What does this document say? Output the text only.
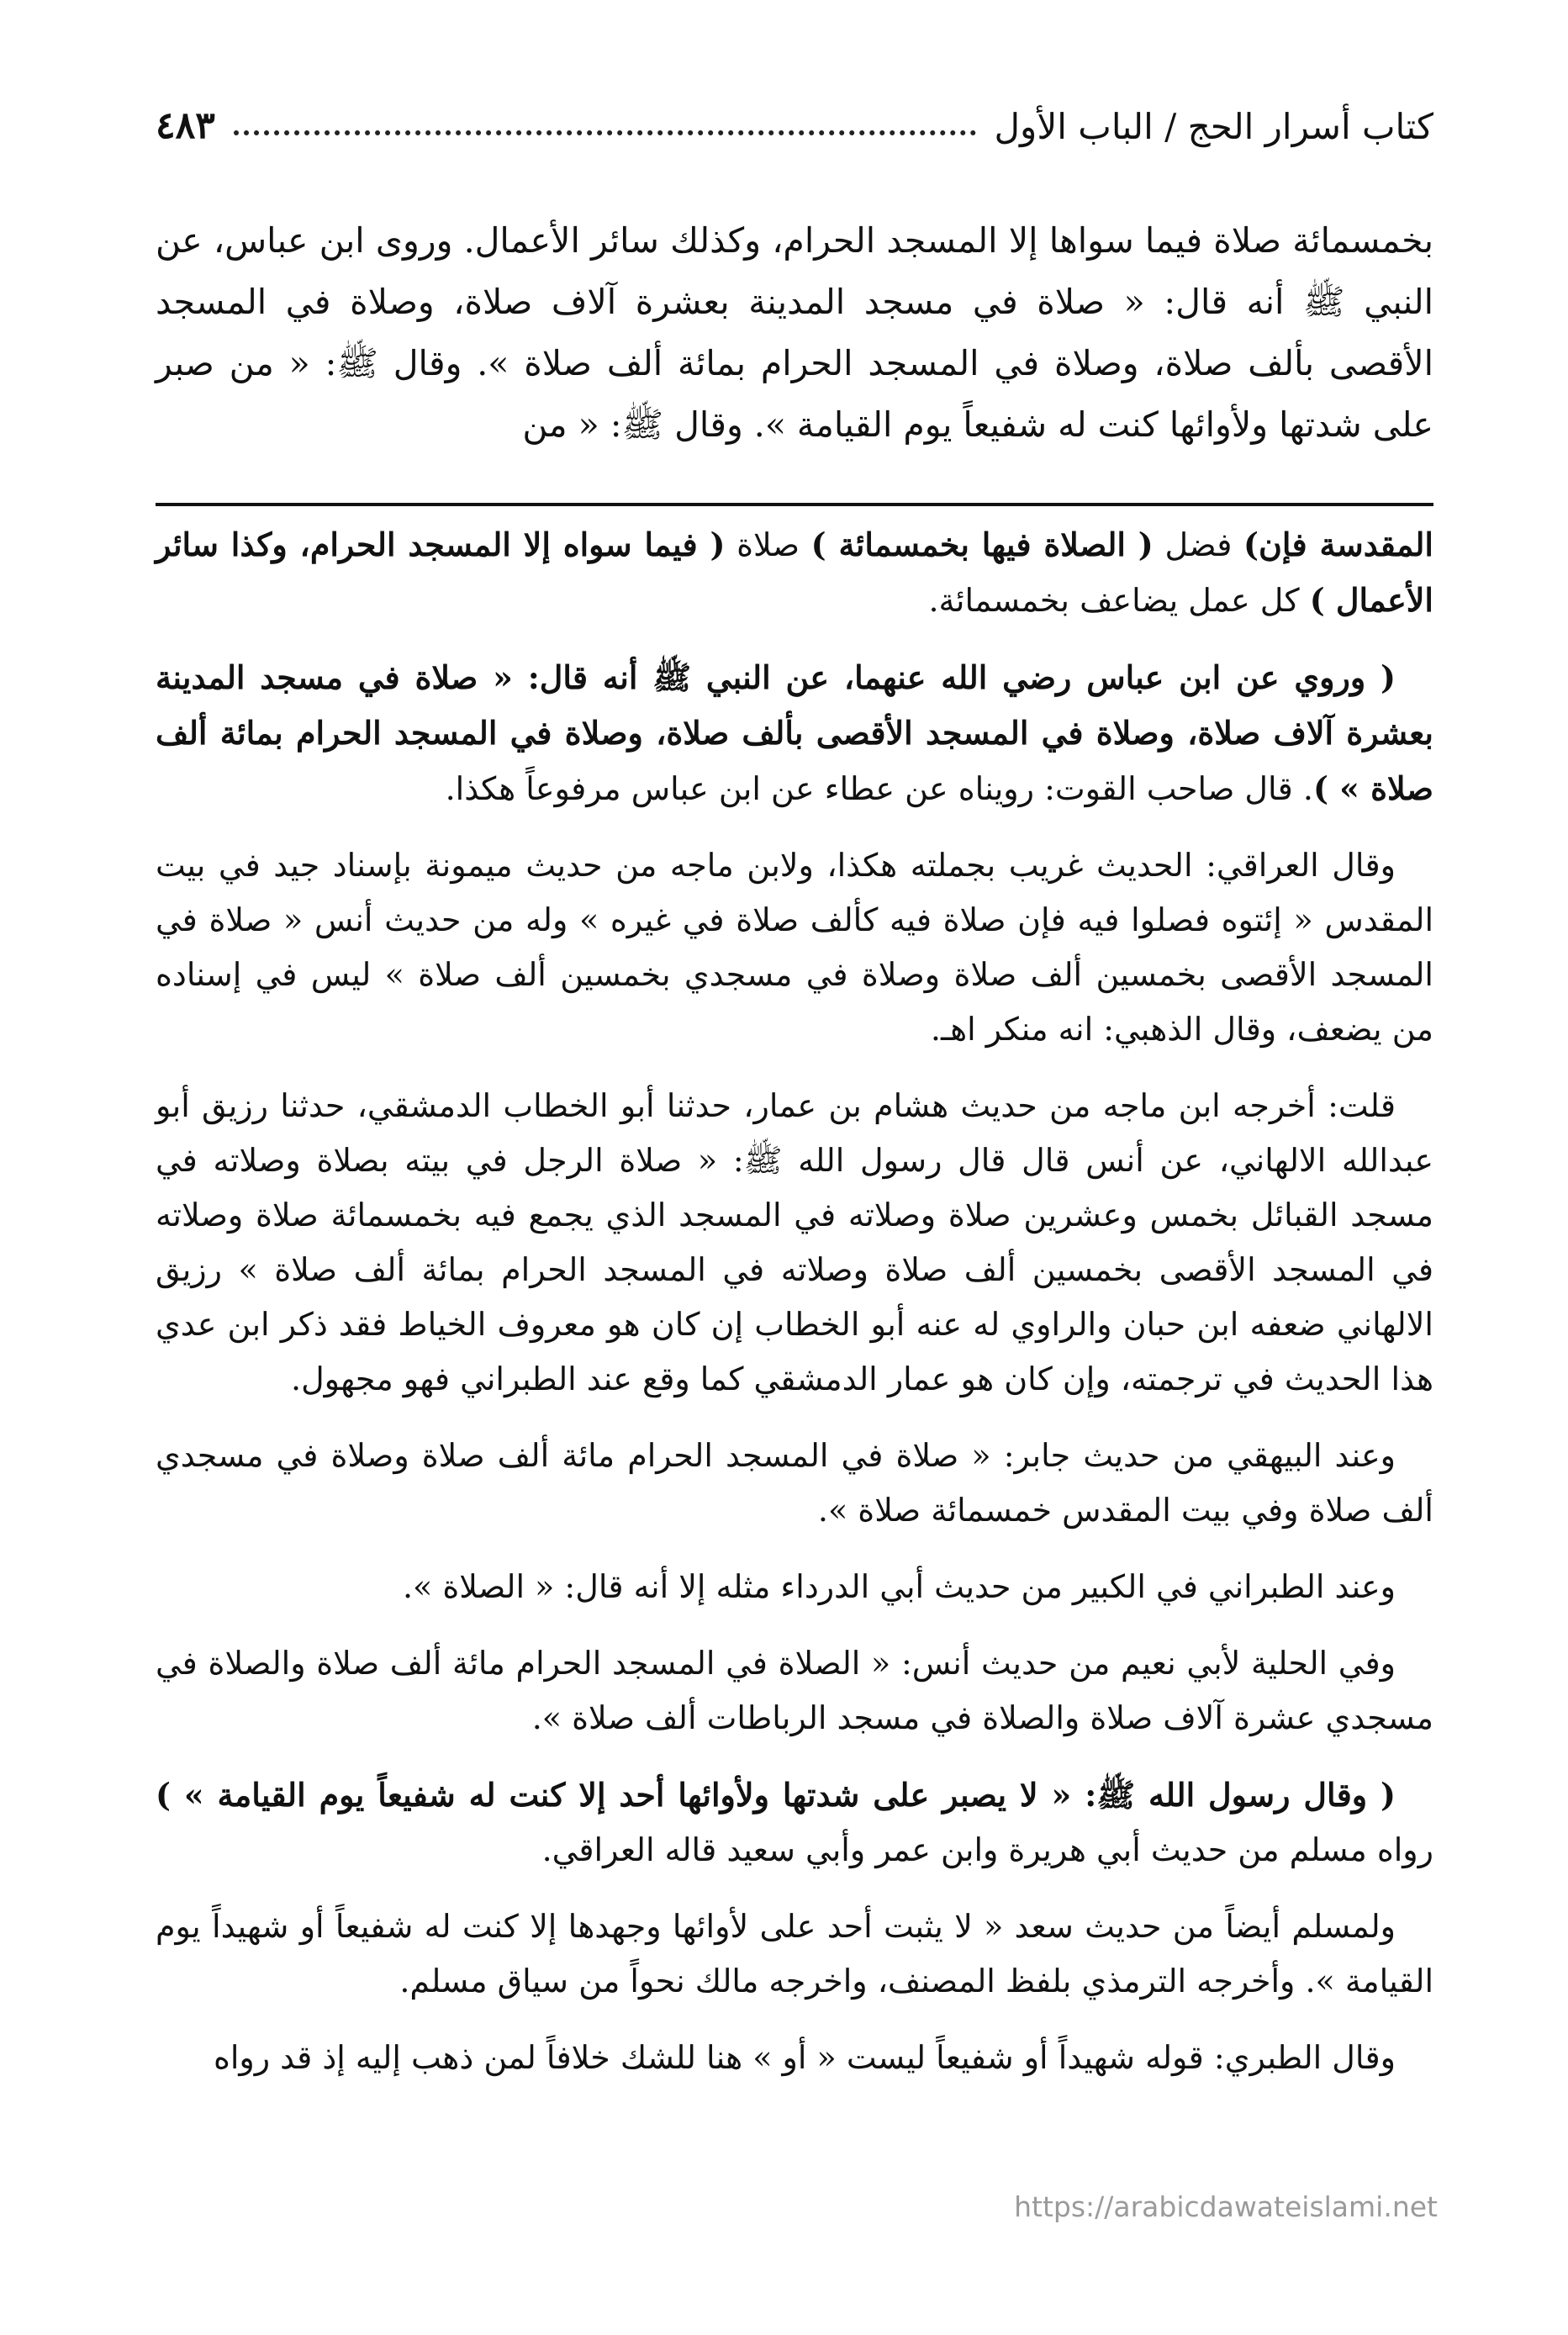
كتاب أسرار الحج / الباب الأول
٤٨٣
بخمسمائة صلاة فيما سواها إلا المسجد الحرام، وكذلك سائر الأعمال. وروى ابن عباس، عن النبي ﷺ أنه قال: « صلاة في مسجد المدينة بعشرة آلاف صلاة، وصلاة في المسجد الأقصى بألف صلاة، وصلاة في المسجد الحرام بمائة ألف صلاة ». وقال ﷺ: « من صبر على شدتها ولأوائها كنت له شفيعاً يوم القيامة ». وقال ﷺ: « من

المقدسة فإن) فضل ( الصلاة فيها بخمسمائة ) صلاة ( فيما سواه إلا المسجد الحرام، وكذا سائر الأعمال ) كل عمل يضاعف بخمسمائة.

( وروي عن ابن عباس رضي الله عنهما، عن النبي ﷺ أنه قال: « صلاة في مسجد المدينة بعشرة آلاف صلاة، وصلاة في المسجد الأقصى بألف صلاة، وصلاة في المسجد الحرام بمائة ألف صلاة » ). قال صاحب القوت: رويناه عن عطاء عن ابن عباس مرفوعاً هكذا.

وقال العراقي: الحديث غريب بجملته هكذا، ولابن ماجه من حديث ميمونة بإسناد جيد في بيت المقدس « إئتوه فصلوا فيه فإن صلاة فيه كألف صلاة في غيره » وله من حديث أنس « صلاة في المسجد الأقصى بخمسين ألف صلاة وصلاة في مسجدي بخمسين ألف صلاة » ليس في إسناده من يضعف، وقال الذهبي: انه منكر اهـ.

قلت: أخرجه ابن ماجه من حديث هشام بن عمار، حدثنا أبو الخطاب الدمشقي، حدثنا رزيق أبو عبدالله الالهاني، عن أنس قال قال رسول الله ﷺ: « صلاة الرجل في بيته بصلاة وصلاته في مسجد القبائل بخمس وعشرين صلاة وصلاته في المسجد الذي يجمع فيه بخمسمائة صلاة وصلاته في المسجد الأقصى بخمسين ألف صلاة وصلاته في المسجد الحرام بمائة ألف صلاة » رزيق الالهاني ضعفه ابن حبان والراوي له عنه أبو الخطاب إن كان هو معروف الخياط فقد ذكر ابن عدي هذا الحديث في ترجمته، وإن كان هو عمار الدمشقي كما وقع عند الطبراني فهو مجهول.

وعند البيهقي من حديث جابر: « صلاة في المسجد الحرام مائة ألف صلاة وصلاة في مسجدي ألف صلاة وفي بيت المقدس خمسمائة صلاة ».

وعند الطبراني في الكبير من حديث أبي الدرداء مثله إلا أنه قال: « الصلاة ».

وفي الحلية لأبي نعيم من حديث أنس: « الصلاة في المسجد الحرام مائة ألف صلاة والصلاة في مسجدي عشرة آلاف صلاة والصلاة في مسجد الرباطات ألف صلاة ».

( وقال رسول الله ﷺ: « لا يصبر على شدتها ولأوائها أحد إلا كنت له شفيعاً يوم القيامة » ) رواه مسلم من حديث أبي هريرة وابن عمر وأبي سعيد قاله العراقي.

ولمسلم أيضاً من حديث سعد « لا يثبت أحد على لأوائها وجهدها إلا كنت له شفيعاً أو شهيداً يوم القيامة ». وأخرجه الترمذي بلفظ المصنف، واخرجه مالك نحواً من سياق مسلم.

وقال الطبري: قوله شهيداً أو شفيعاً ليست « أو » هنا للشك خلافاً لمن ذهب إليه إذ قد رواه

https://arabicdawateislami.net
